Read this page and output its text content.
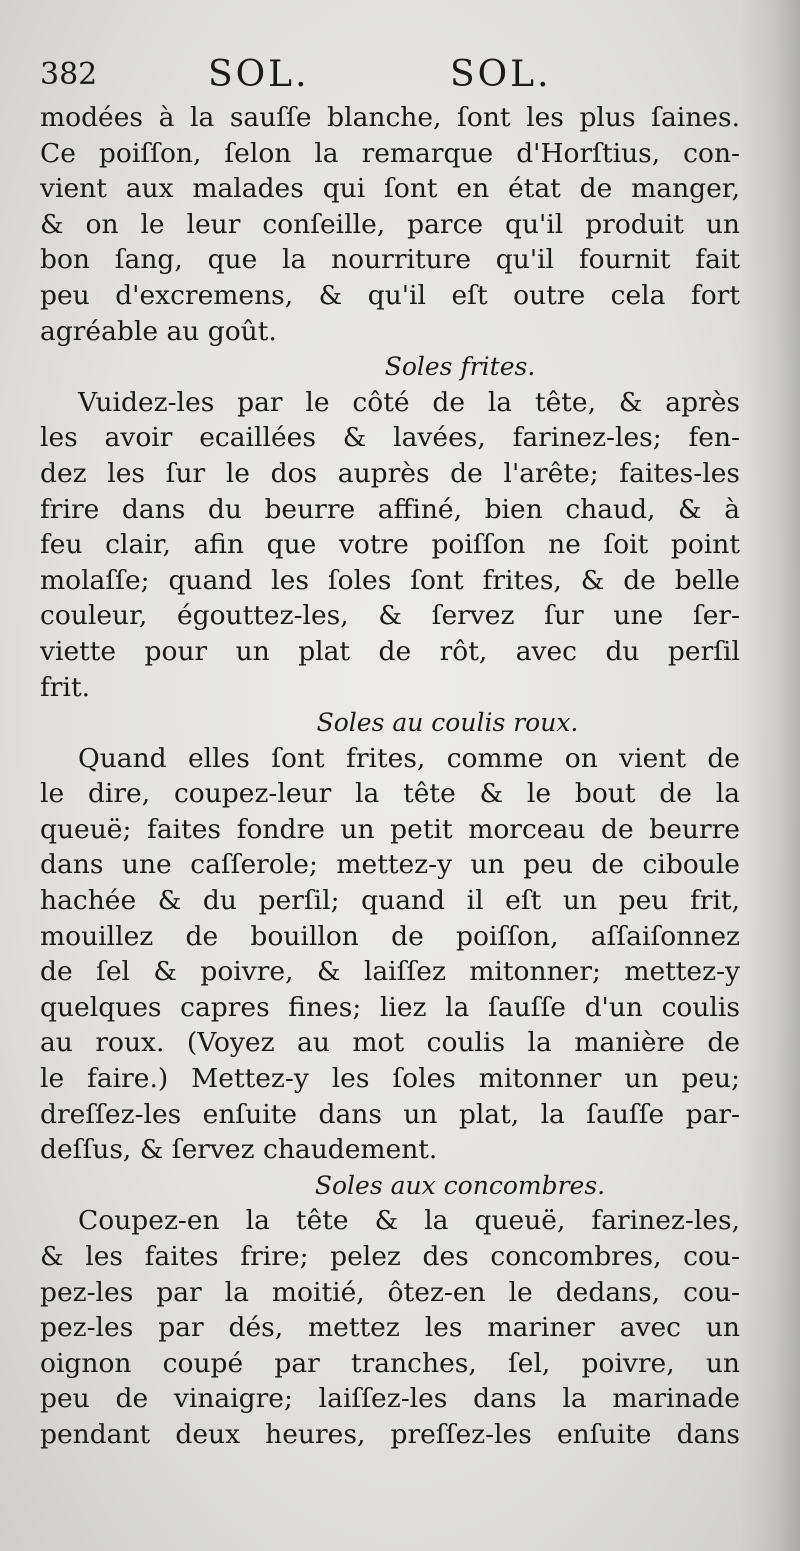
382	SOL.	SOL.
modées à la sauſſe blanche, ſont les plus ſaines.
Ce poiſſon, ſelon la remarque d'Horſtius, con-
vient aux malades qui ſont en état de manger,
& on le leur conſeille, parce qu'il produit un
bon ſang, que la nourriture qu'il fournit fait
peu d'excremens, & qu'il eſt outre cela fort
agréable au goût.
Soles frites.
Vuidez-les par le côté de la tête, & après
les avoir ecaillées & lavées, farinez-les; fen-
dez les ſur le dos auprès de l'arête; faites-les
frire dans du beurre affiné, bien chaud, & à
feu clair, afin que votre poiſſon ne ſoit point
molaſſe; quand les ſoles ſont frites, & de belle
couleur, égouttez-les, & ſervez ſur une ſer-
viette pour un plat de rôt, avec du perſil
frit.
Soles au coulis roux.
Quand elles ſont frites, comme on vient de
le dire, coupez-leur la tête & le bout de la
queuë; faites fondre un petit morceau de beurre
dans une caſſerole; mettez-y un peu de ciboule
hachée & du perſil; quand il eſt un peu frit,
mouillez de bouillon de poiſſon, aſſaiſonnez
de ſel & poivre, & laiſſez mitonner; mettez-y
quelques capres fines; liez la ſauſſe d'un coulis
au roux. (Voyez au mot coulis la manière de
le faire.) Mettez-y les ſoles mitonner un peu;
dreſſez-les enſuite dans un plat, la ſauſſe par-
deſſus, & ſervez chaudement.
Soles aux concombres.
Coupez-en la tête & la queuë, farinez-les,
& les faites frire; pelez des concombres, cou-
pez-les par la moitié, ôtez-en le dedans, cou-
pez-les par dés, mettez les mariner avec un
oignon coupé par tranches, ſel, poivre, un
peu de vinaigre; laiſſez-les dans la marinade
pendant deux heures, preſſez-les enſuite dans
